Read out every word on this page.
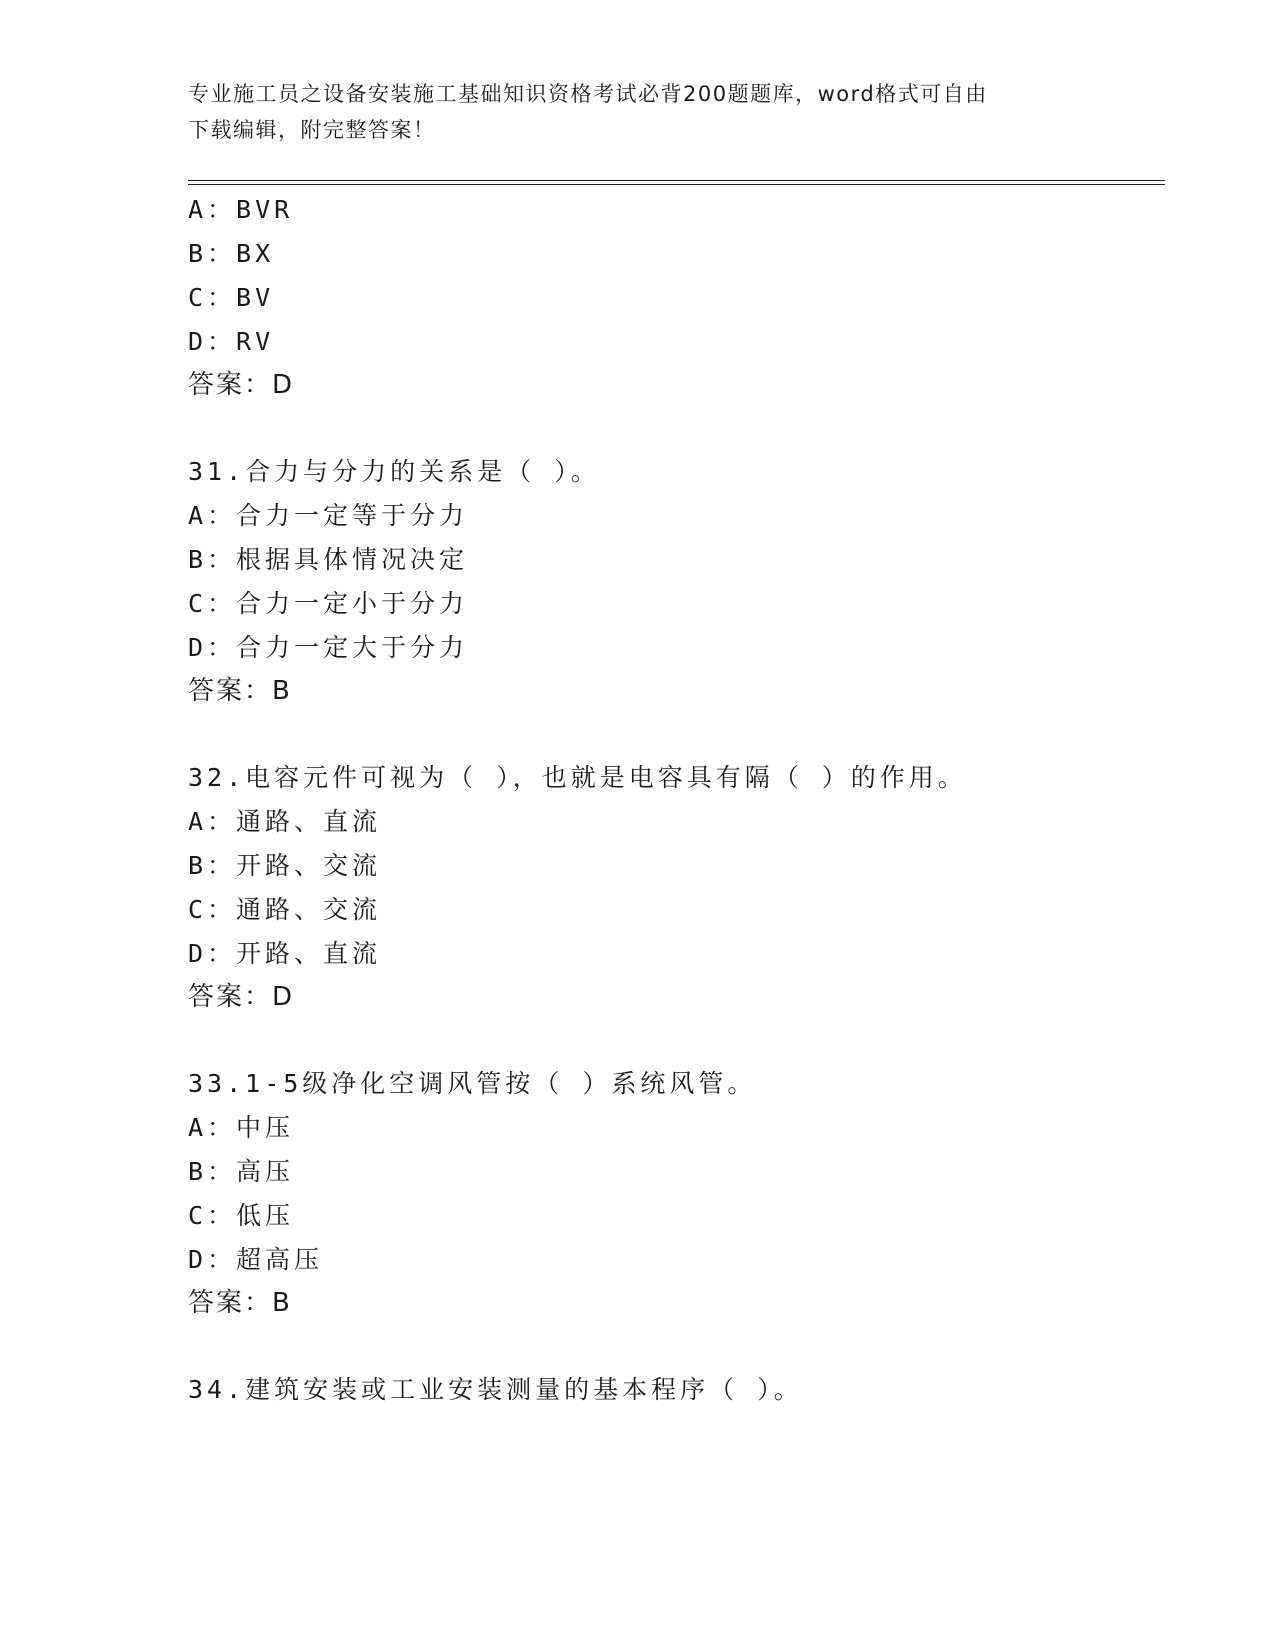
专业施工员之设备安装施工基础知识资格考试必背200题题库，word格式可自由
下载编辑，附完整答案！
A：BVR
B：BX
C：BV
D：RV
答案：D
31.合力与分力的关系是（ ）。
A：合力一定等于分力
B：根据具体情况决定
C：合力一定小于分力
D：合力一定大于分力
答案：B
32.电容元件可视为（ ），也就是电容具有隔（ ）的作用。
A：通路、直流
B：开路、交流
C：通路、交流
D：开路、直流
答案：D
33.1-5级净化空调风管按（ ）系统风管。
A：中压
B：高压
C：低压
D：超高压
答案：B
34.建筑安装或工业安装测量的基本程序（ ）。
